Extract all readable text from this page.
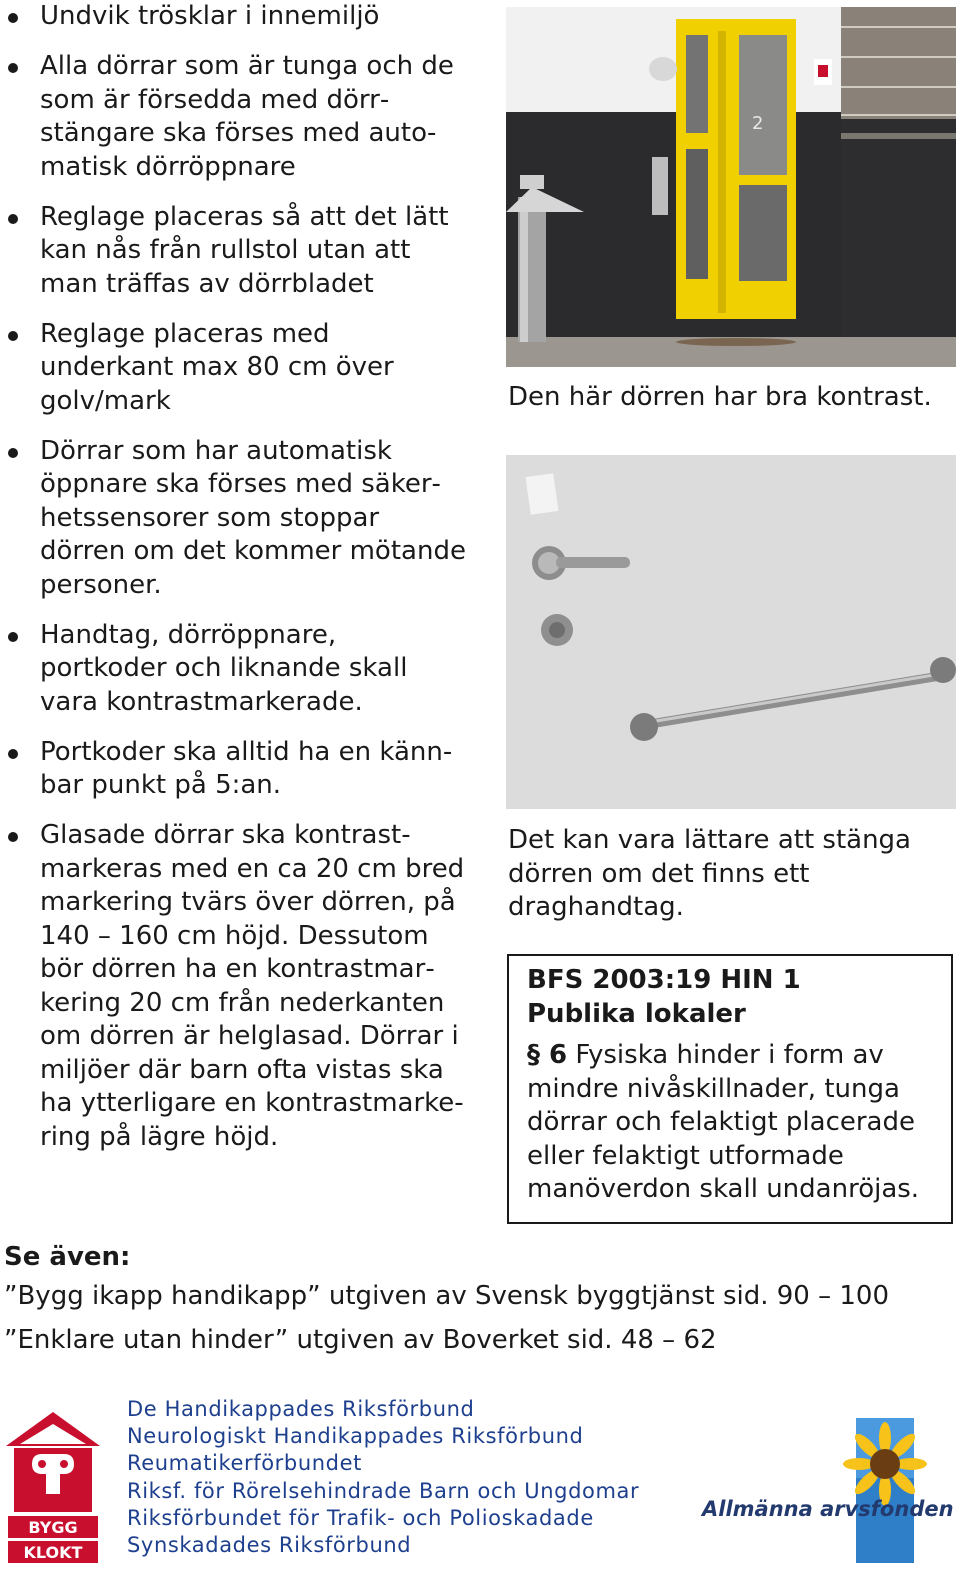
Undvik trösklar i innemiljö
Alla dörrar som är tunga och de som är försedda med dörrstängare ska förses med automatisk dörröppnare
Reglage placeras så att det lätt kan nås från rullstol utan att man träffas av dörrbladet
Reglage placeras med underkant max 80 cm över golv/mark
Dörrar som har automatisk öppnare ska förses med säkerhetssensorer som stoppar dörren om det kommer mötande personer.
Handtag, dörröppnare, portkoder och liknande skall vara kontrastmarkerade.
Portkoder ska alltid ha en kännbar punkt på 5:an.
Glasade dörrar ska kontrastmarkeras med en ca 20 cm bred markering tvärs över dörren, på 140 – 160 cm höjd. Dessutom bör dörren ha en kontrastmarkering 20 cm från nederkanten om dörren är helglasad. Dörrar i miljöer där barn ofta vistas ska ha ytterligare en kontrastmarkering på lägre höjd.
2
Den här dörren har bra kontrast.
Det kan vara lättare att stänga dörren om det finns ett draghandtag.
BFS 2003:19 HIN 1
Publika lokaler
§ 6 Fysiska hinder i form av mindre nivåskillnader, tunga dörrar och felaktigt placerade eller felaktigt utformade manöverdon skall undanröjas.
Se även:
”Bygg ikapp handikapp” utgiven av Svensk byggtjänst sid. 90 – 100
”Enklare utan hinder” utgiven av Boverket sid. 48 – 62
BYGG
KLOKT
De Handikappades Riksförbund
Neurologiskt Handikappades Riksförbund
Reumatikerförbundet
Riksf. för Rörelsehindrade Barn och Ungdomar
Riksförbundet för Trafik- och Polioskadade
Synskadades Riksförbund
Allmänna arvsfonden
